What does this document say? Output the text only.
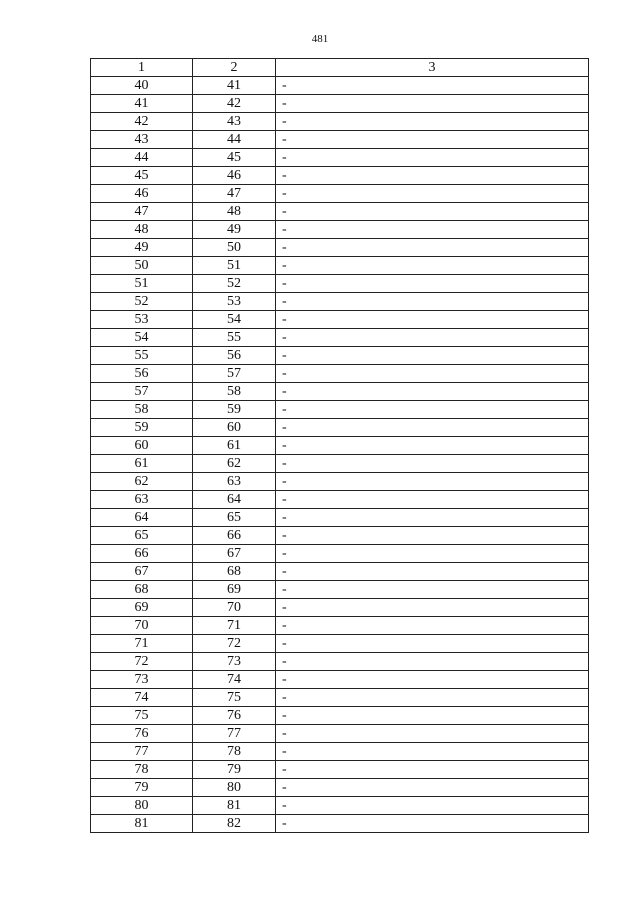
481
1	2	3
40	41	-
41	42	-
42	43	-
43	44	-
44	45	-
45	46	-
46	47	-
47	48	-
48	49	-
49	50	-
50	51	-
51	52	-
52	53	-
53	54	-
54	55	-
55	56	-
56	57	-
57	58	-
58	59	-
59	60	-
60	61	-
61	62	-
62	63	-
63	64	-
64	65	-
65	66	-
66	67	-
67	68	-
68	69	-
69	70	-
70	71	-
71	72	-
72	73	-
73	74	-
74	75	-
75	76	-
76	77	-
77	78	-
78	79	-
79	80	-
80	81	-
81	82	-
